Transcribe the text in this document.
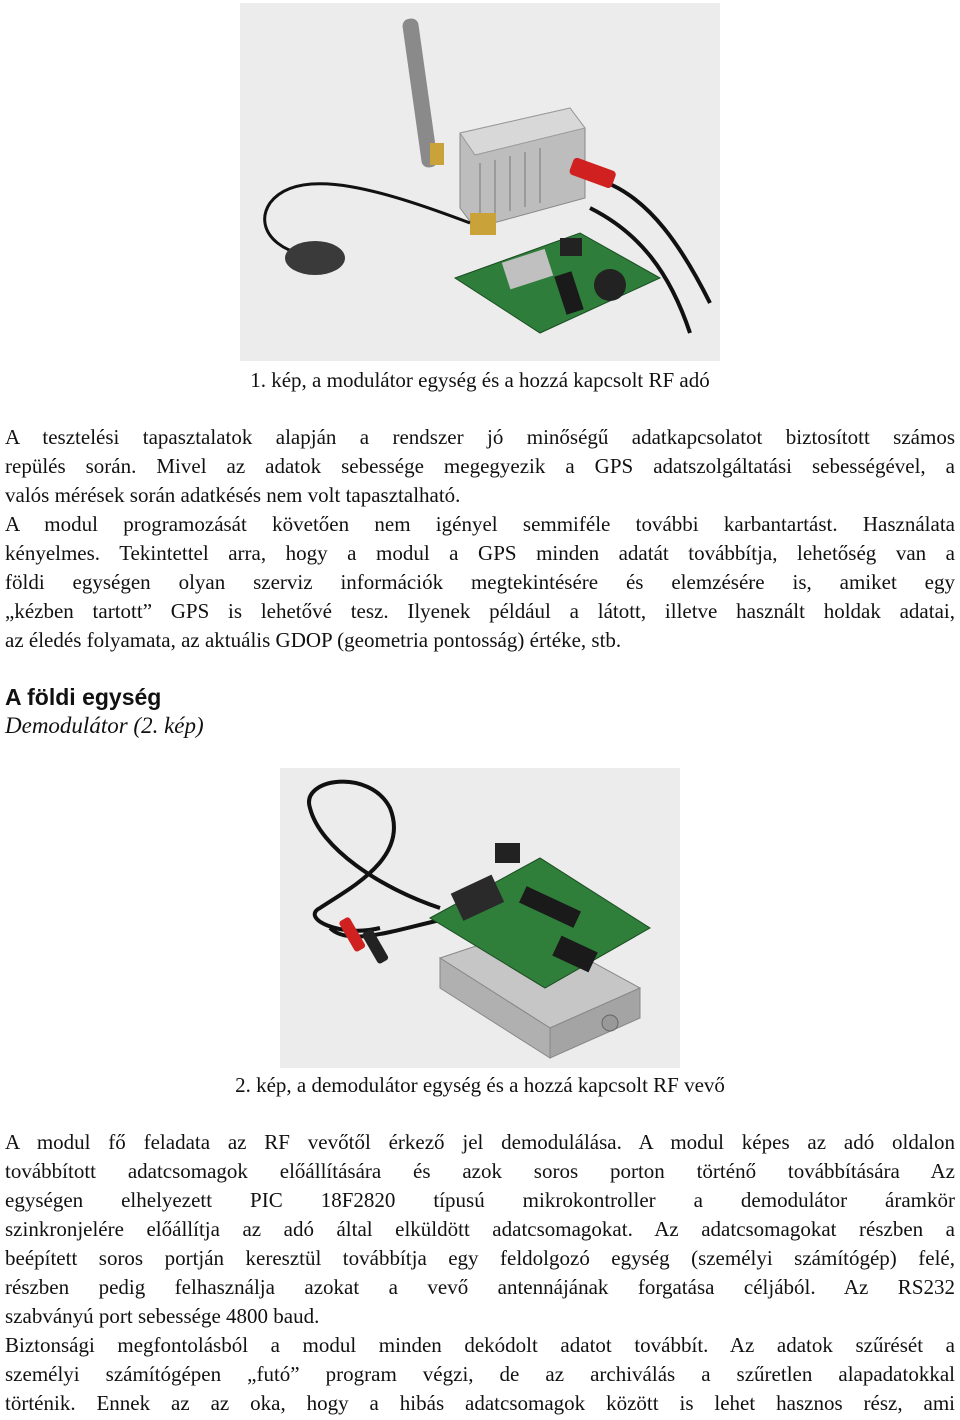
1. kép, a modulátor egység és a hozzá kapcsolt RF adó
A tesztelési tapasztalatok alapján a rendszer jó minőségű adatkapcsolatot biztosított számos
repülés során. Mivel az adatok sebessége megegyezik a GPS adatszolgáltatási sebességével, a
valós mérések során adatkésés nem volt tapasztalható.
A modul programozását követően nem igényel semmiféle további karbantartást. Használata
kényelmes. Tekintettel arra, hogy a modul a GPS minden adatát továbbítja, lehetőség van a
földi egységen olyan szerviz információk megtekintésére és elemzésére is, amiket egy
„kézben tartott” GPS is lehetővé tesz. Ilyenek például a látott, illetve használt holdak adatai,
az éledés folyamata, az aktuális GDOP (geometria pontosság) értéke, stb.
A földi egység
Demodulátor (2. kép)
2. kép, a demodulátor egység és a hozzá kapcsolt RF vevő
A modul fő feladata az RF vevőtől érkező jel demodulálása. A modul képes az adó oldalon
továbbított adatcsomagok előállítására és azok soros porton történő továbbítására Az
egységen elhelyezett PIC 18F2820 típusú mikrokontroller a demodulátor áramkör
szinkronjelére előállítja az adó által elküldött adatcsomagokat. Az adatcsomagokat részben a
beépített soros portján keresztül továbbítja egy feldolgozó egység (személyi számítógép) felé,
részben pedig felhasználja azokat a vevő antennájának forgatása céljából. Az RS232
szabványú port sebessége 4800 baud.
Biztonsági megfontolásból a modul minden dekódolt adatot továbbít. Az adatok szűrését a
személyi számítógépen „futó” program végzi, de az archiválás a szűretlen alapadatokkal
történik. Ennek az az oka, hogy a hibás adatcsomagok között is lehet hasznos rész, ami
